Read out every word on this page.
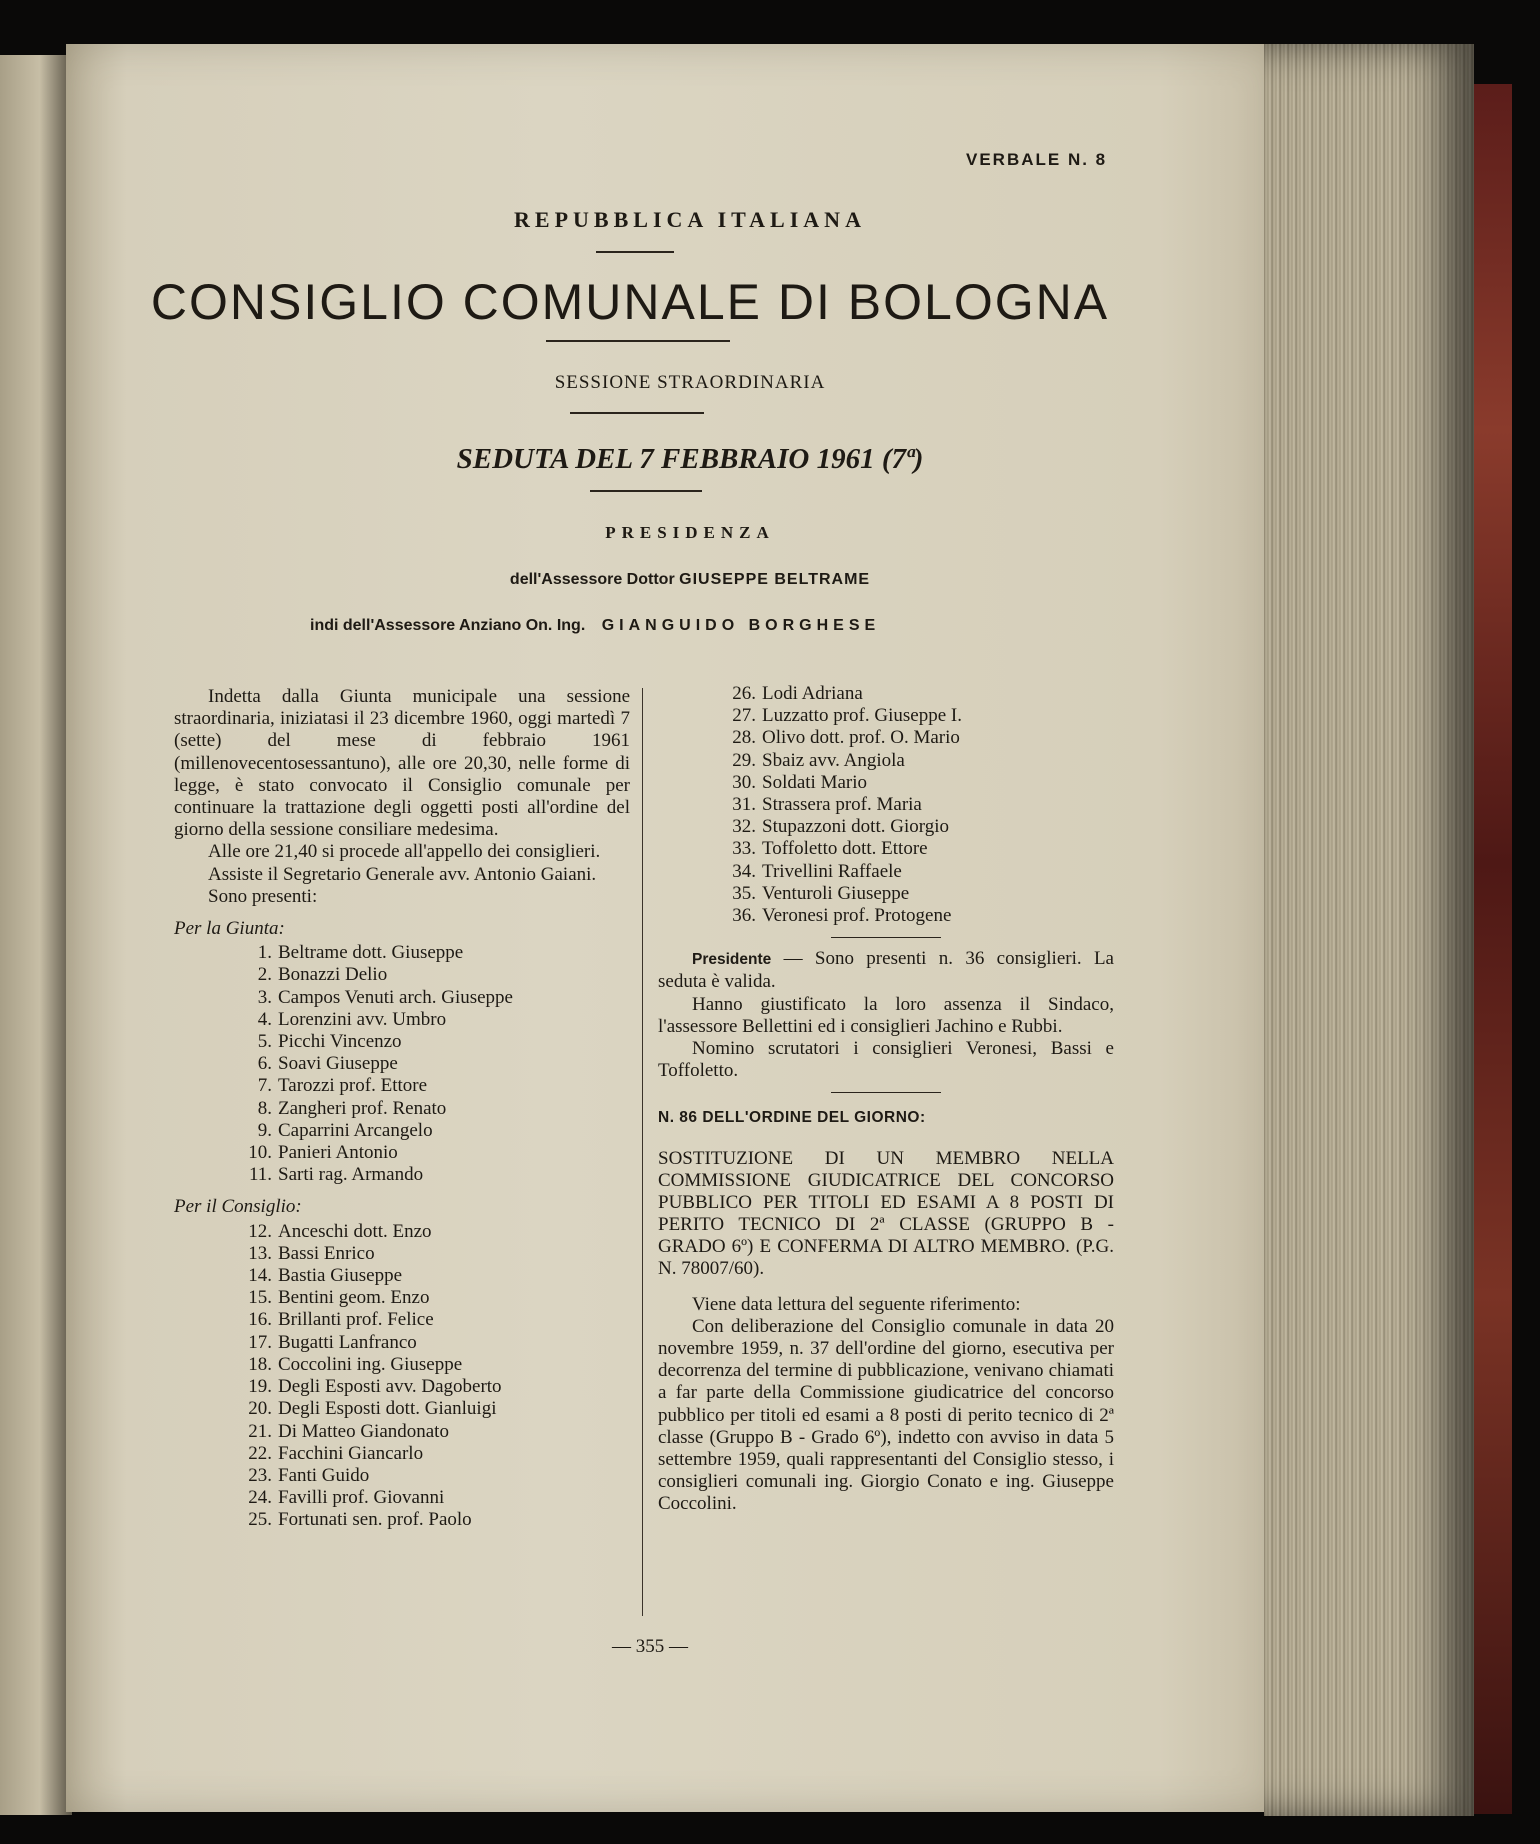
VERBALE N. 8
REPUBBLICA ITALIANA
CONSIGLIO COMUNALE DI BOLOGNA
SESSIONE STRAORDINARIA
SEDUTA DEL 7 FEBBRAIO 1961 (7ª)
PRESIDENZA
dell'Assessore Dottor GIUSEPPE BELTRAME
indi dell'Assessore Anziano On. Ing. GIANGUIDO BORGHESE

Indetta dalla Giunta municipale una sessione straordinaria, iniziatasi il 23 dicembre 1960, oggi martedì 7 (sette) del mese di febbraio 1961 (millenovecentosessantuno), alle ore 20,30, nelle forme di legge, è stato convocato il Consiglio comunale per continuare la trattazione degli oggetti posti all'ordine del giorno della sessione consiliare medesima.

Alle ore 21,40 si procede all'appello dei consiglieri.

Assiste il Segretario Generale avv. Antonio Gaiani.

Sono presenti:

Per la Giunta:
1. Beltrame dott. Giuseppe
2. Bonazzi Delio
3. Campos Venuti arch. Giuseppe
4. Lorenzini avv. Umbro
5. Picchi Vincenzo
6. Soavi Giuseppe
7. Tarozzi prof. Ettore
8. Zangheri prof. Renato
9. Caparrini Arcangelo
10. Panieri Antonio
11. Sarti rag. Armando
Per il Consiglio:
12. Anceschi dott. Enzo
13. Bassi Enrico
14. Bastia Giuseppe
15. Bentini geom. Enzo
16. Brillanti prof. Felice
17. Bugatti Lanfranco
18. Coccolini ing. Giuseppe
19. Degli Esposti avv. Dagoberto
20. Degli Esposti dott. Gianluigi
21. Di Matteo Giandonato
22. Facchini Giancarlo
23. Fanti Guido
24. Favilli prof. Giovanni
25. Fortunati sen. prof. Paolo
26. Lodi Adriana
27. Luzzatto prof. Giuseppe I.
28. Olivo dott. prof. O. Mario
29. Sbaiz avv. Angiola
30. Soldati Mario
31. Strassera prof. Maria
32. Stupazzoni dott. Giorgio
33. Toffoletto dott. Ettore
34. Trivellini Raffaele
35. Venturoli Giuseppe
36. Veronesi prof. Protogene

Presidente — Sono presenti n. 36 consiglieri. La seduta è valida.

Hanno giustificato la loro assenza il Sindaco, l'assessore Bellettini ed i consiglieri Jachino e Rubbi.

Nomino scrutatori i consiglieri Veronesi, Bassi e Toffoletto.

N. 86 DELL'ORDINE DEL GIORNO:
SOSTITUZIONE DI UN MEMBRO NELLA COMMISSIONE GIUDICATRICE DEL CONCORSO PUBBLICO PER TITOLI ED ESAMI A 8 POSTI DI PERITO TECNICO DI 2ª CLASSE (GRUPPO B - GRADO 6º) E CONFERMA DI ALTRO MEMBRO. (P.G. N. 78007/60).

Viene data lettura del seguente riferimento:

Con deliberazione del Consiglio comunale in data 20 novembre 1959, n. 37 dell'ordine del giorno, esecutiva per decorrenza del termine di pubblicazione, venivano chiamati a far parte della Commissione giudicatrice del concorso pubblico per titoli ed esami a 8 posti di perito tecnico di 2ª classe (Gruppo B - Grado 6º), indetto con avviso in data 5 settembre 1959, quali rappresentanti del Consiglio stesso, i consiglieri comunali ing. Giorgio Conato e ing. Giuseppe Coccolini.

— 355 —
